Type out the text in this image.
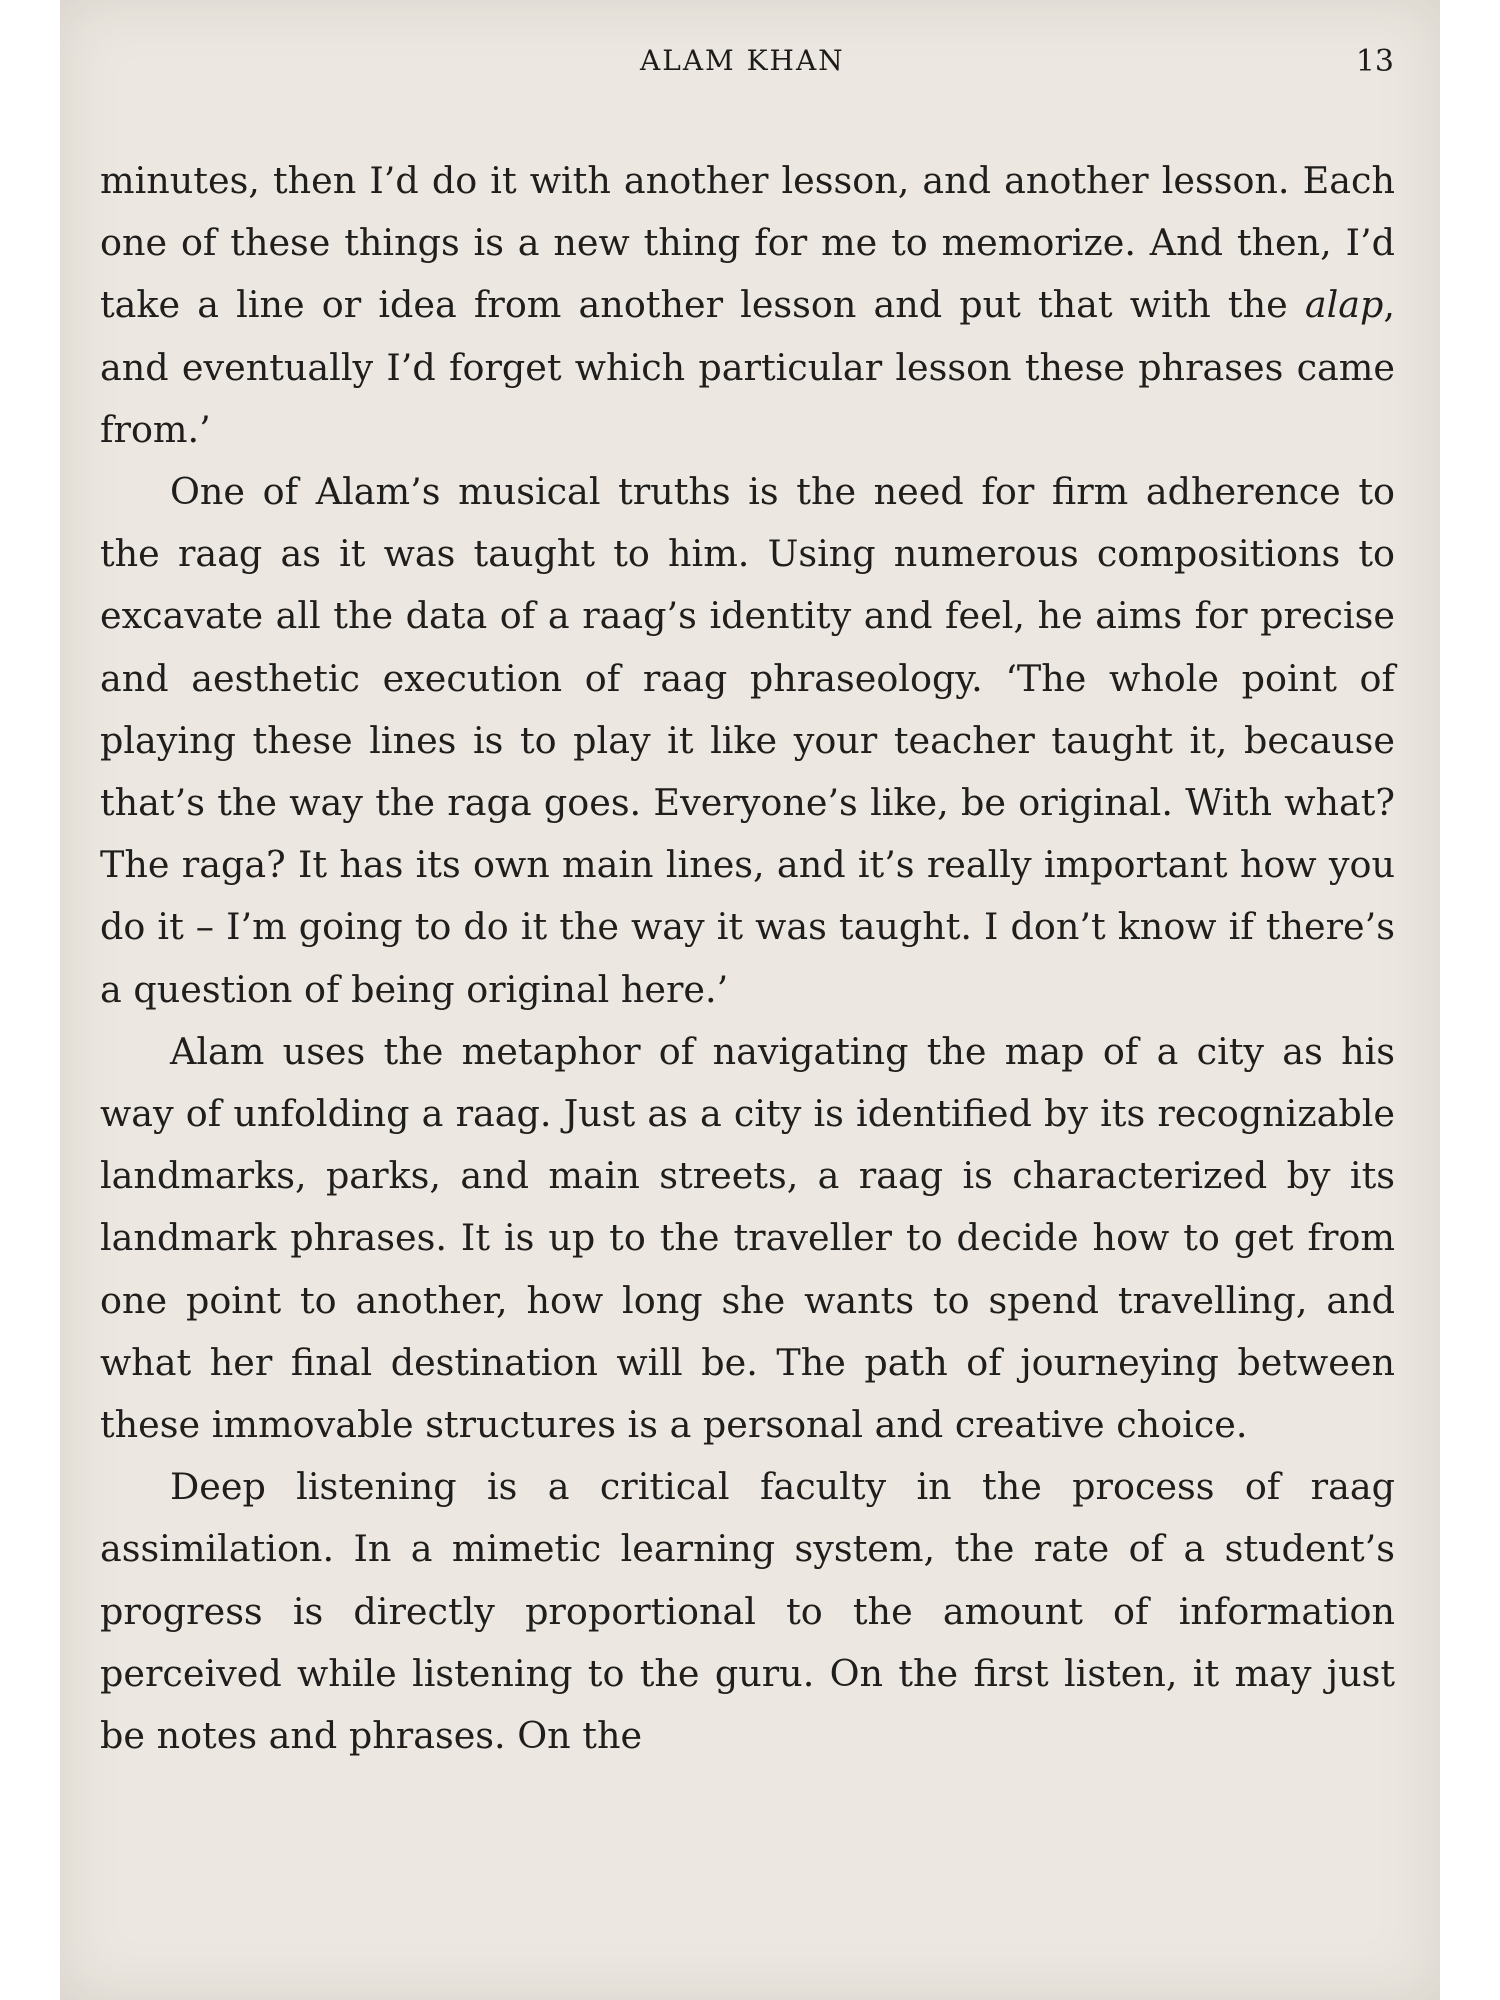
ALAM KHAN	13

minutes, then I’d do it with another lesson, and another lesson. Each one of these things is a new thing for me to memorize. And then, I’d take a line or idea from another lesson and put that with the alap, and eventually I’d forget which particular lesson these phrases came from.’

One of Alam’s musical truths is the need for firm adherence to the raag as it was taught to him. Using numerous compositions to excavate all the data of a raag’s identity and feel, he aims for precise and aesthetic execution of raag phraseology. ‘The whole point of playing these lines is to play it like your teacher taught it, because that’s the way the raga goes. Everyone’s like, be original. With what? The raga? It has its own main lines, and it’s really important how you do it – I’m going to do it the way it was taught. I don’t know if there’s a question of being original here.’

Alam uses the metaphor of navigating the map of a city as his way of unfolding a raag. Just as a city is identified by its recognizable landmarks, parks, and main streets, a raag is characterized by its landmark phrases. It is up to the traveller to decide how to get from one point to another, how long she wants to spend travelling, and what her final destination will be. The path of journeying between these immovable structures is a personal and creative choice.

Deep listening is a critical faculty in the process of raag assimilation. In a mimetic learning system, the rate of a student’s progress is directly proportional to the amount of information perceived while listening to the guru. On the first listen, it may just be notes and phrases. On the
